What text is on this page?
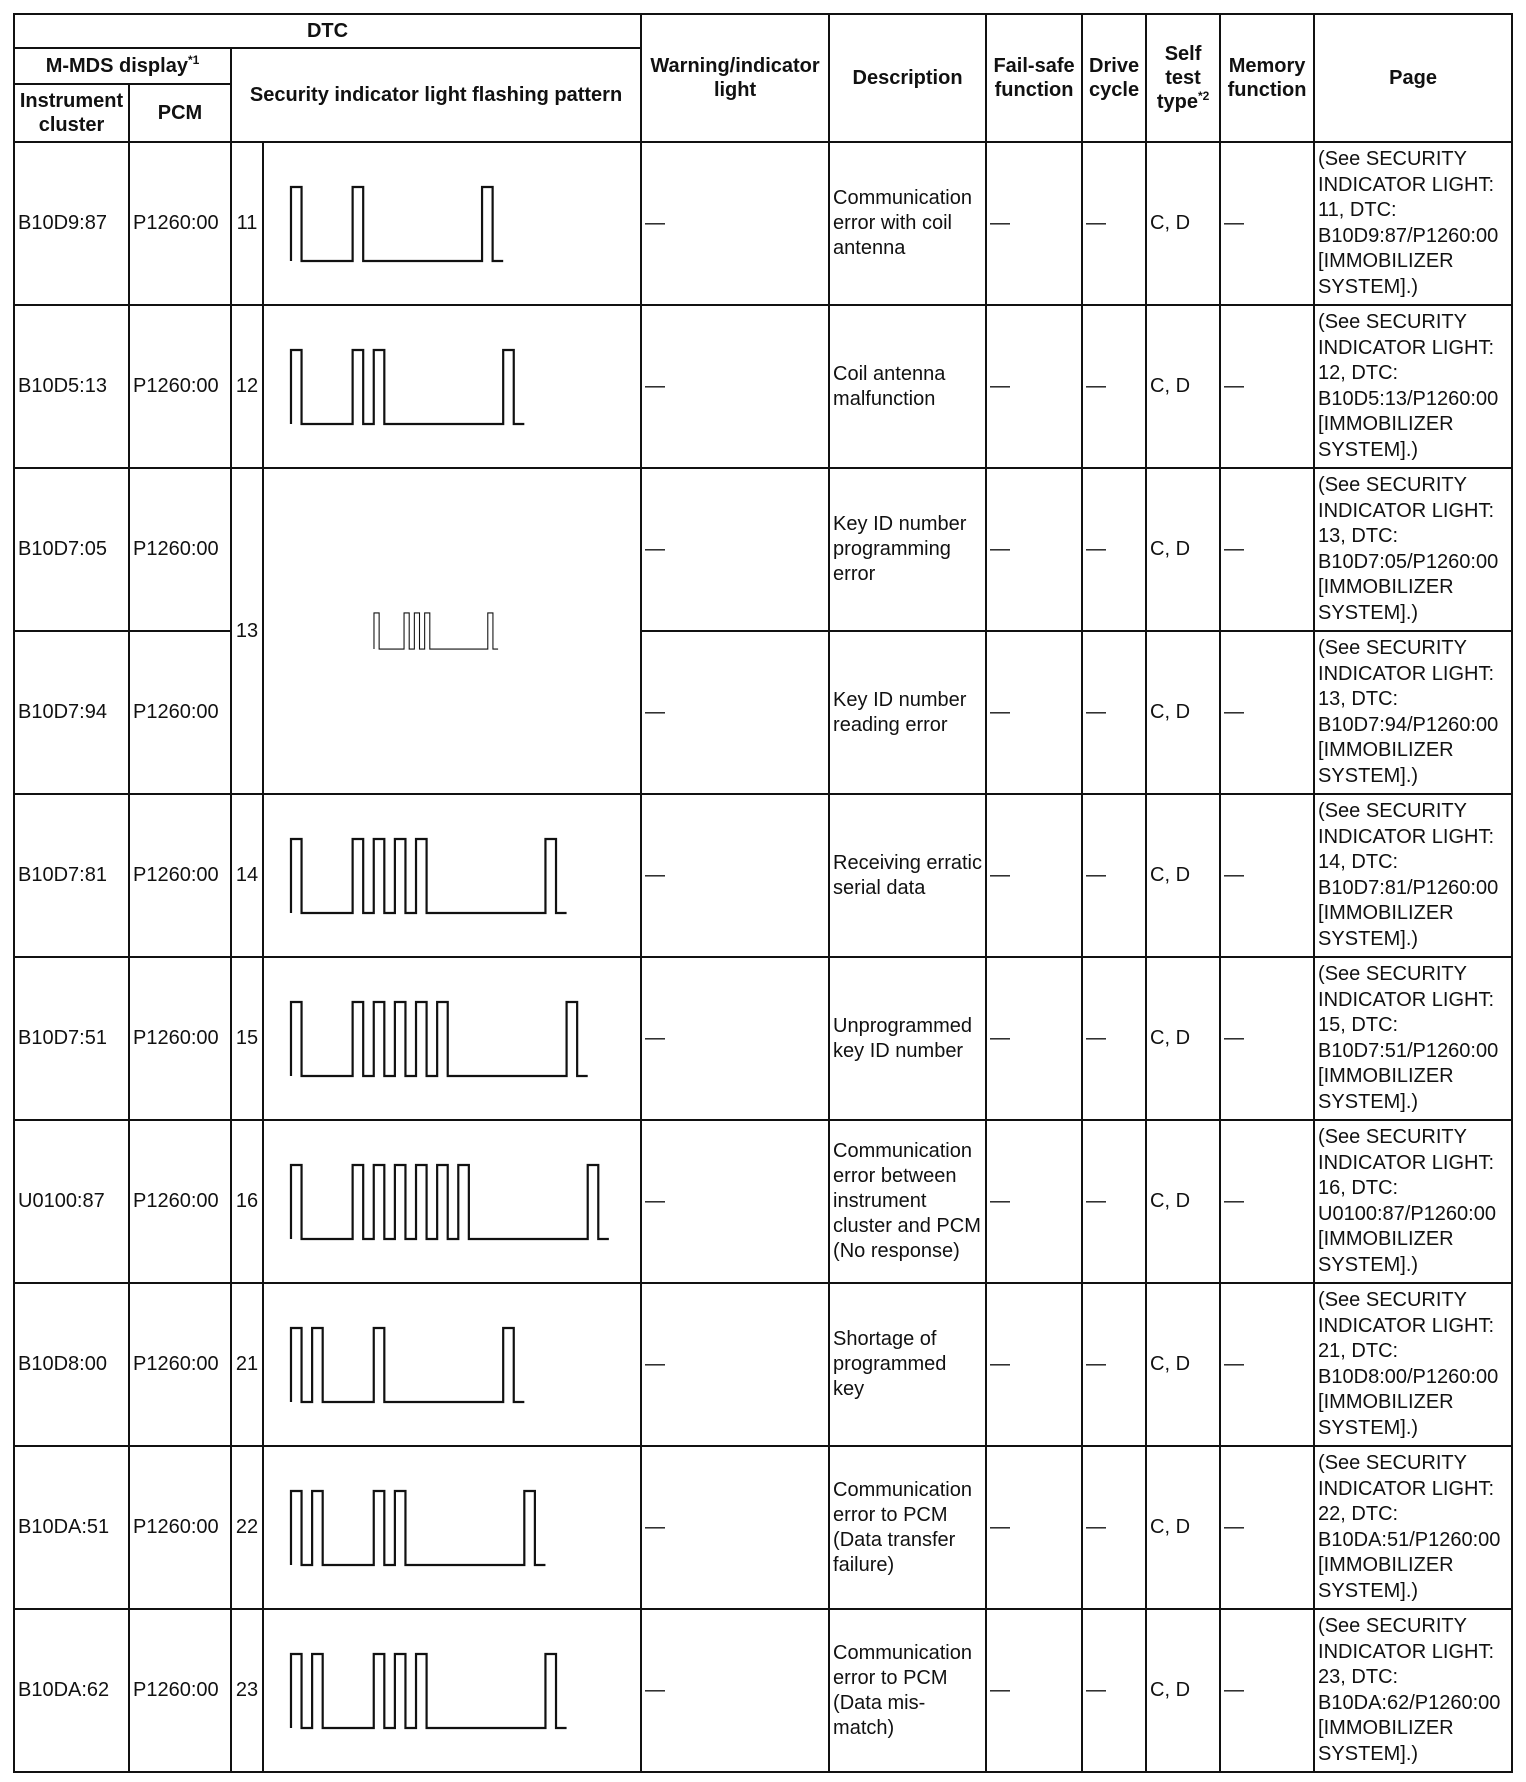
DTC				Warning/indicator light	Description	Fail-safe function	Drive cycle	Self test type$^{*2}$	Memory function	Page
M-MDS display$^{*1}$		Security indicator light flashing pattern								
Instrument cluster	PCM									
B10D9:87	P1260:00	11		—	Communication error with coil antenna	—	—	C, D	—	(See SECURITY INDICATOR LIGHT: 11, DTC: B10D9:87/P1260:00 [IMMOBILIZER SYSTEM].)
B10D5:13	P1260:00	12		—	Coil antenna malfunction	—	—	C, D	—	(See SECURITY INDICATOR LIGHT: 12, DTC: B10D5:13/P1260:00 [IMMOBILIZER SYSTEM].)
B10D7:05	P1260:00	13		—	Key ID number programming error	—	—	C, D	—	(See SECURITY INDICATOR LIGHT: 13, DTC: B10D7:05/P1260:00 [IMMOBILIZER SYSTEM].)
B10D7:94	P1260:00			—	Key ID number reading error	—	—	C, D	—	(See SECURITY INDICATOR LIGHT: 13, DTC: B10D7:94/P1260:00 [IMMOBILIZER SYSTEM].)
B10D7:81	P1260:00	14		—	Receiving erratic serial data	—	—	C, D	—	(See SECURITY INDICATOR LIGHT: 14, DTC: B10D7:81/P1260:00 [IMMOBILIZER SYSTEM].)
B10D7:51	P1260:00	15		—	Unprogrammed key ID number	—	—	C, D	—	(See SECURITY INDICATOR LIGHT: 15, DTC: B10D7:51/P1260:00 [IMMOBILIZER SYSTEM].)
U0100:87	P1260:00	16		—	Communication error between instrument cluster and PCM (No response)	—	—	C, D	—	(See SECURITY INDICATOR LIGHT: 16, DTC: U0100:87/P1260:00 [IMMOBILIZER SYSTEM].)
B10D8:00	P1260:00	21		—	Shortage of programmed key	—	—	C, D	—	(See SECURITY INDICATOR LIGHT: 21, DTC: B10D8:00/P1260:00 [IMMOBILIZER SYSTEM].)
B10DA:51	P1260:00	22		—	Communication error to PCM (Data transfer failure)	—	—	C, D	—	(See SECURITY INDICATOR LIGHT: 22, DTC: B10DA:51/P1260:00 [IMMOBILIZER SYSTEM].)
B10DA:62	P1260:00	23		—	Communication error to PCM (Data mis-match)	—	—	C, D	—	(See SECURITY INDICATOR LIGHT: 23, DTC: B10DA:62/P1260:00 [IMMOBILIZER SYSTEM].)
